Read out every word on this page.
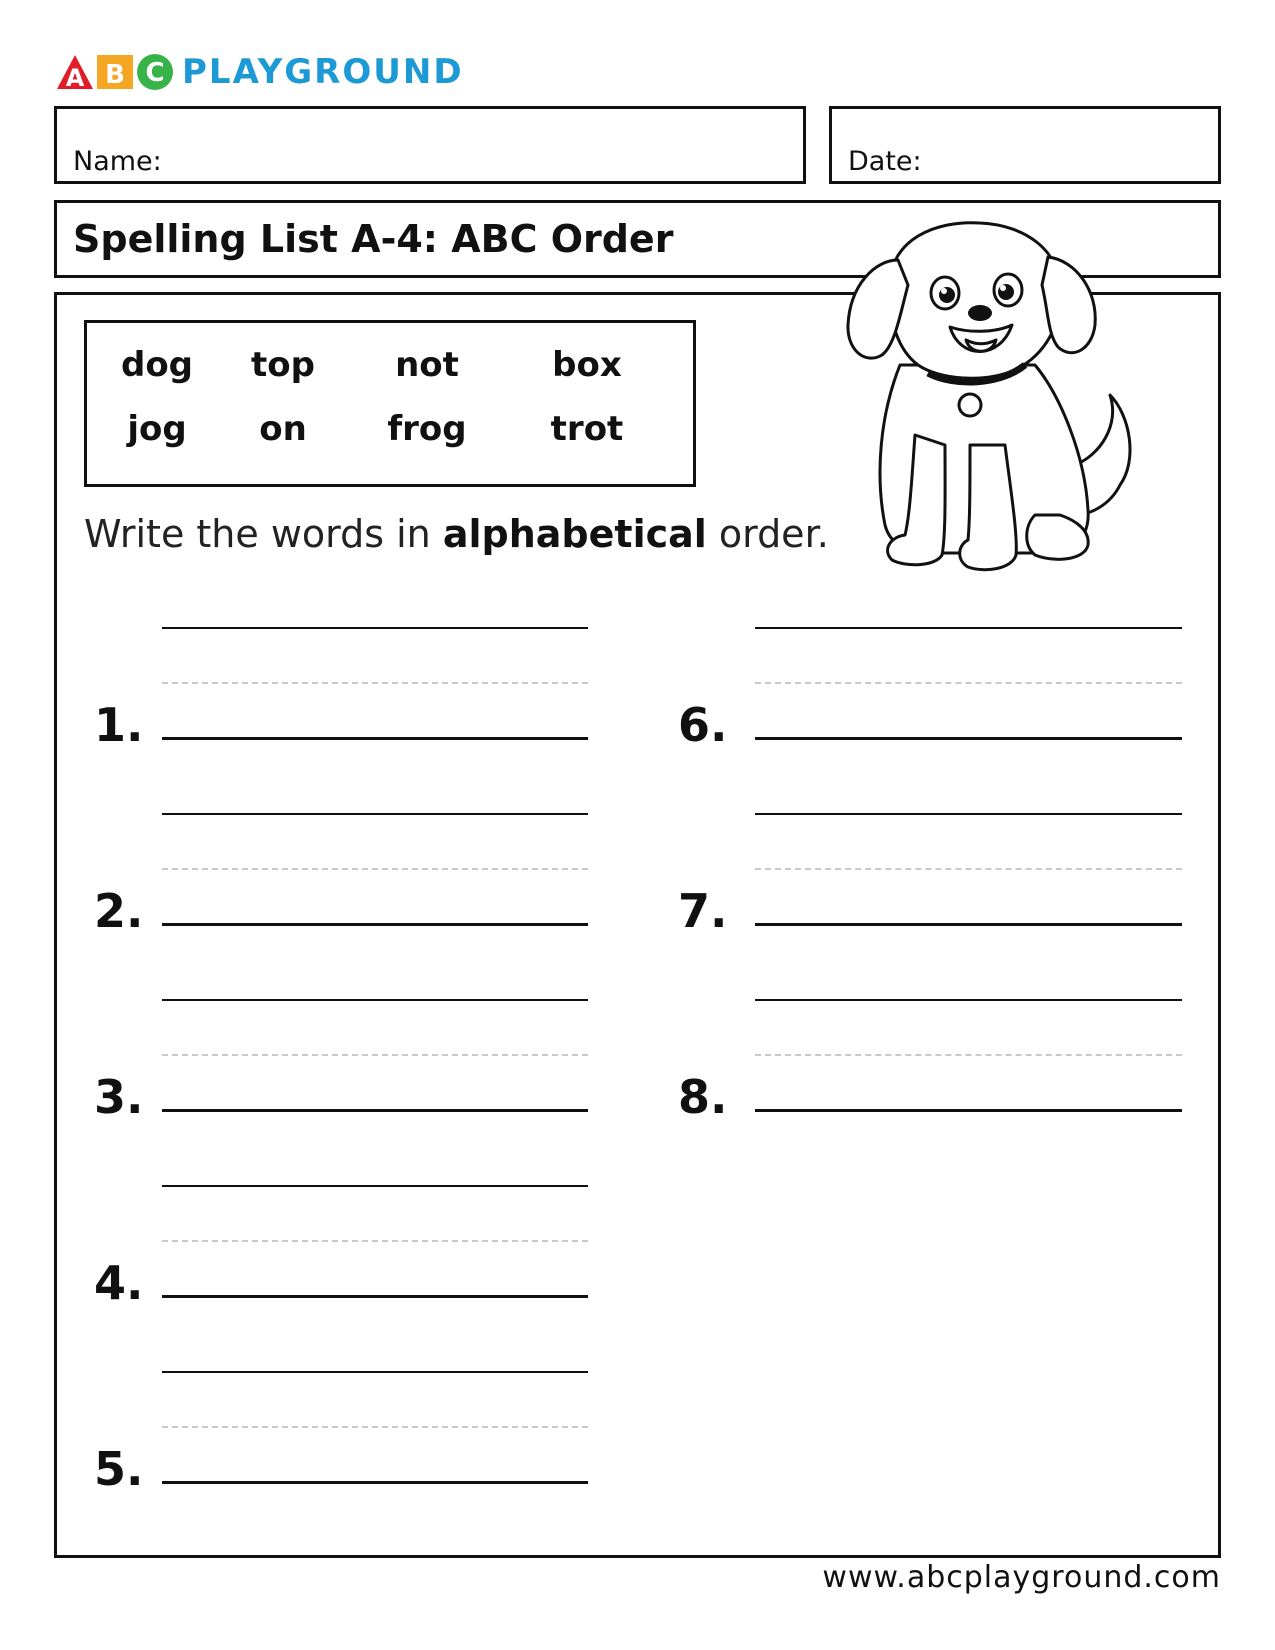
A B C PLAYGROUND
Name:	Date:
Spelling List A-4: ABC Order
dog top not	box
jog on frog trot
Write the words in alphabetical order.
1.
2.
3.
4.
5.
6.
7.
8.
www.abcplayground.com
